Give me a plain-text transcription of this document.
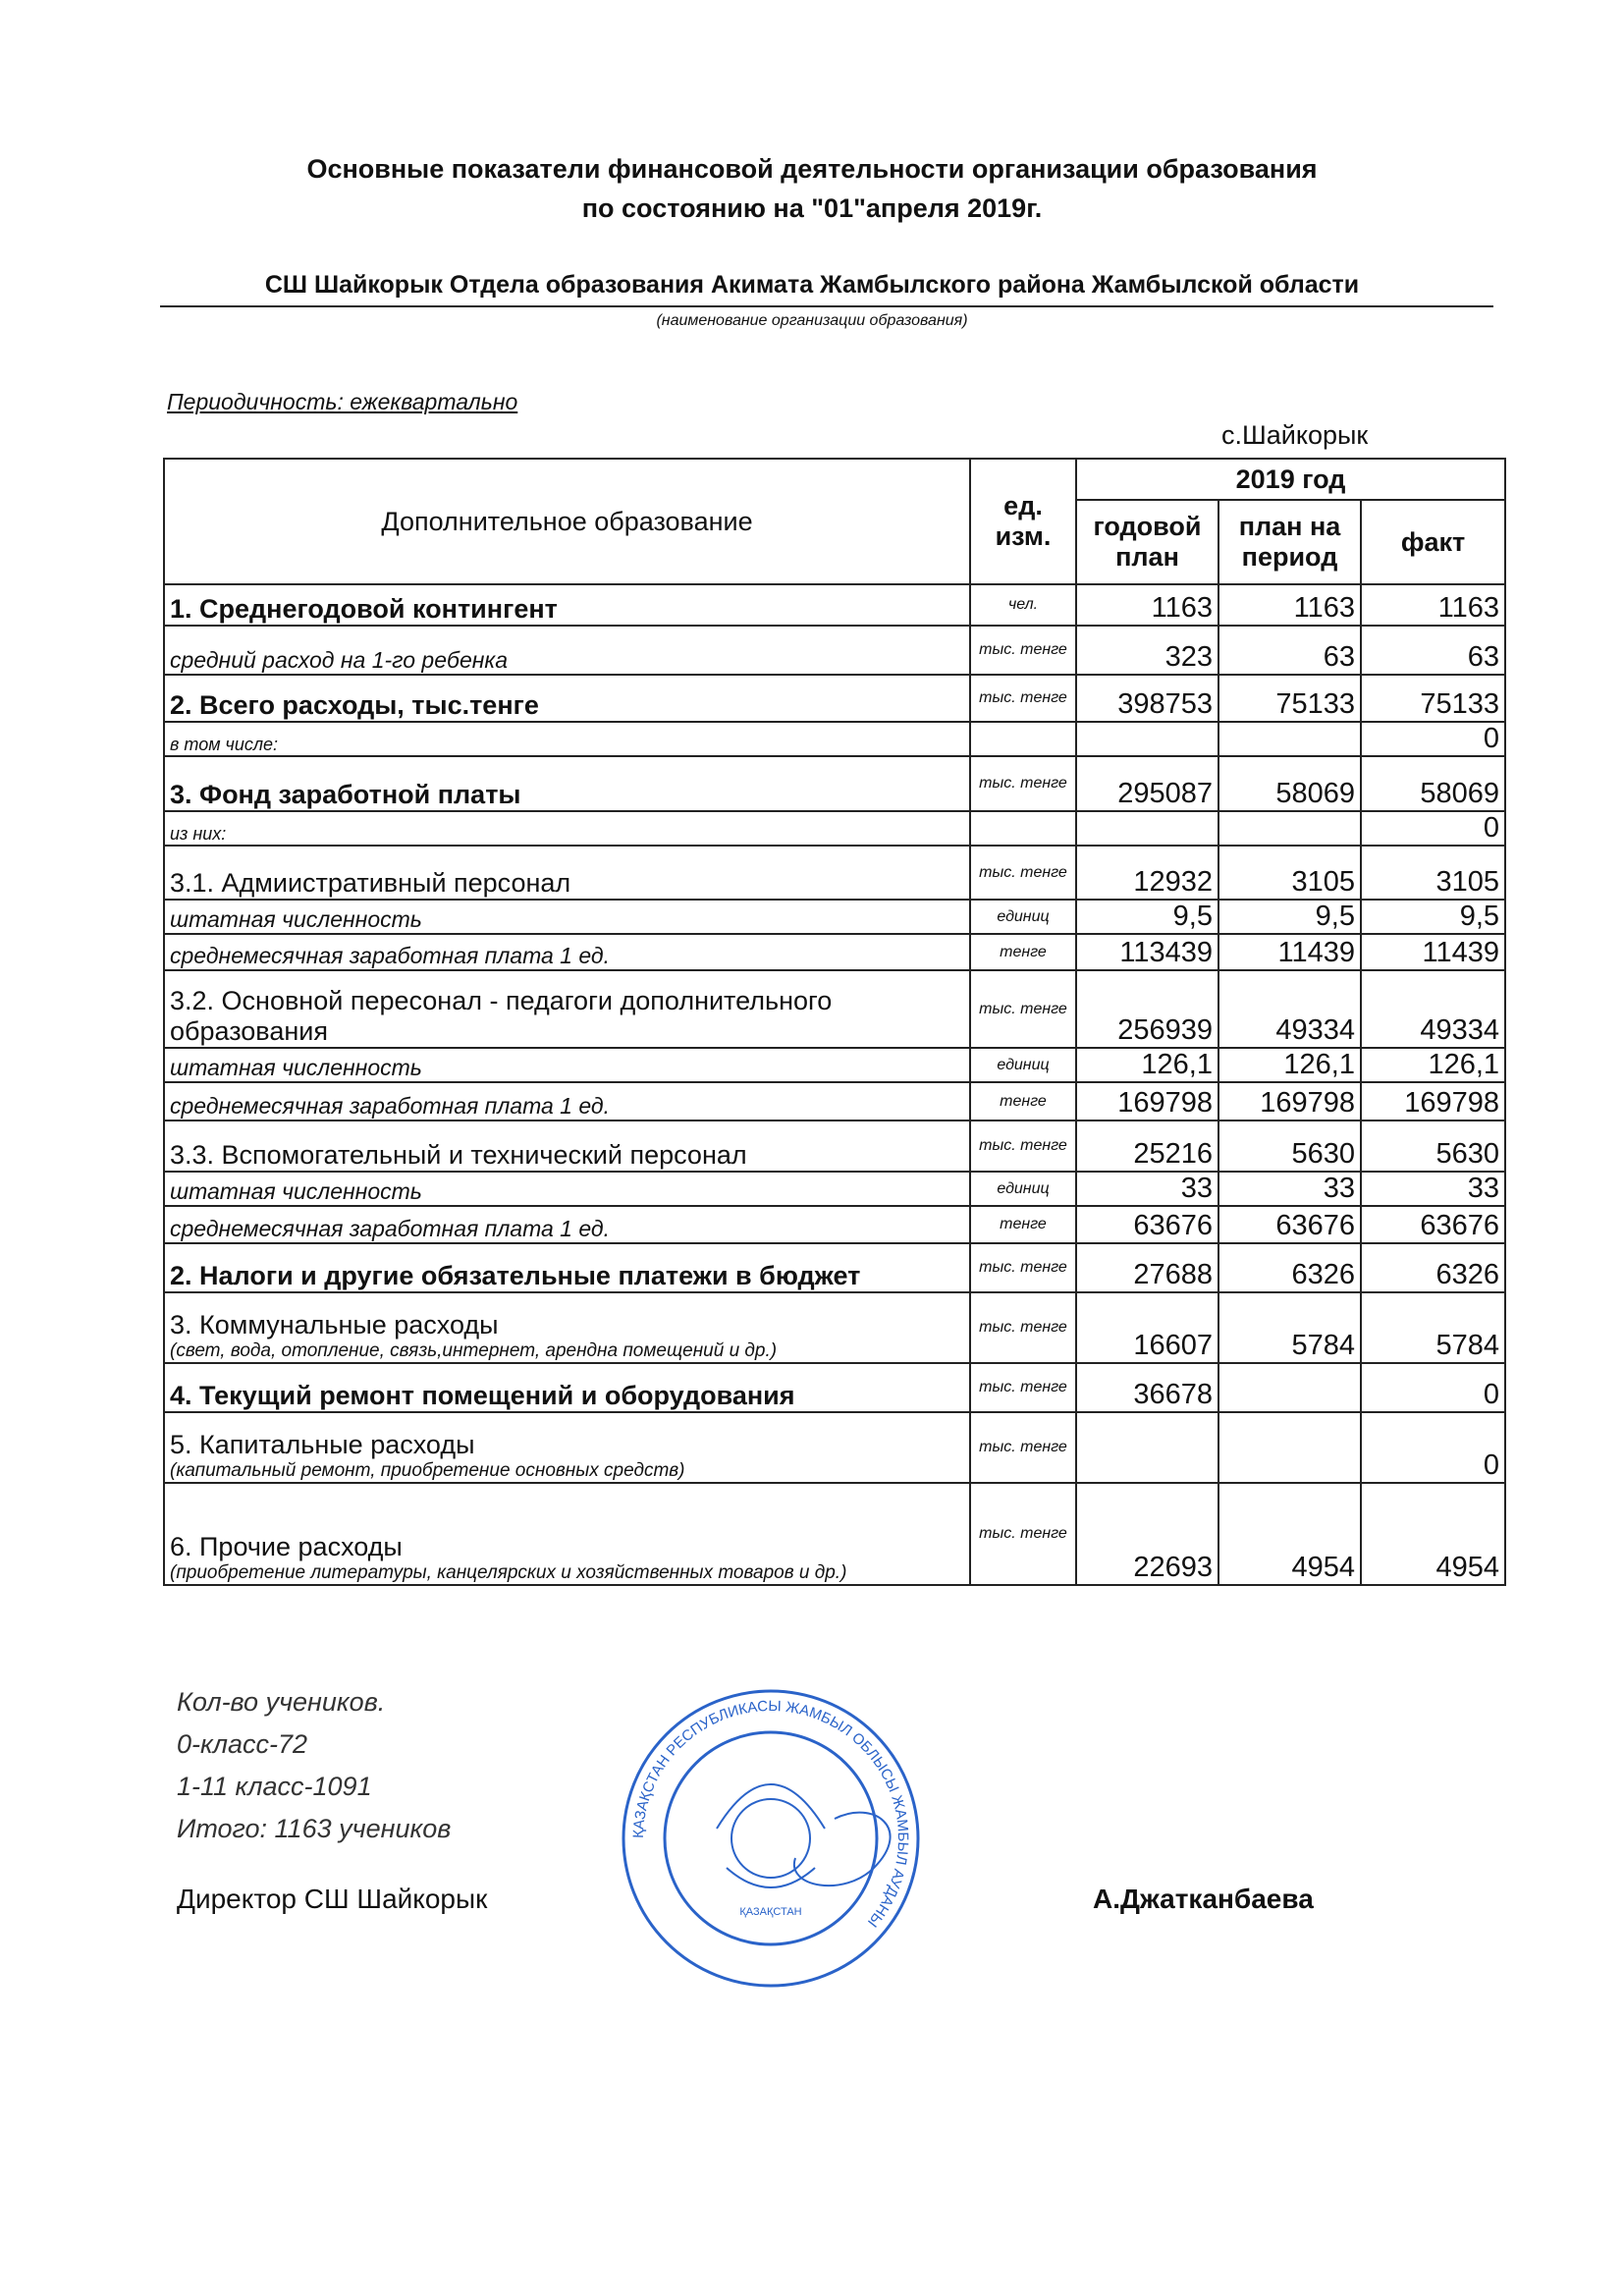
Основные показатели финансовой деятельности организации образования
по состоянию на "01"апреля 2019г.
СШ Шайкорык Отдела образования Акимата Жамбылского района Жамбылской области
(наименование организации образования)
Периодичность: ежеквартально
с.Шайкорык
Дополнительное образование	ед. изм.	2019 год		
		годовой план	план на период	факт
1. Среднегодовой контингент	чел.	1163	1163	1163
средний расход на 1-го ребенка	тыс. тенге	323	63	63
2. Всего расходы, тыс.тенге	тыс. тенге	398753	75133	75133
в том числе:				0
3. Фонд заработной платы	тыс. тенге	295087	58069	58069
из них:				0
3.1. Адмиистративный персонал	тыс. тенге	12932	3105	3105
штатная численность	единиц	9,5	9,5	9,5
среднемесячная заработная плата 1 ед.	тенге	113439	11439	11439
3.2. Основной пересонал - педагоги дополнительного образования	тыс. тенге	256939	49334	49334
штатная численность	единиц	126,1	126,1	126,1
среднемесячная заработная плата 1 ед.	тенге	169798	169798	169798
3.3. Вспомогательный и технический персонал	тыс. тенге	25216	5630	5630
штатная численность	единиц	33	33	33
среднемесячная заработная плата 1 ед.	тенге	63676	63676	63676
2. Налоги и другие обязательные платежи в бюджет	тыс. тенге	27688	6326	6326
3. Коммунальные расходы
(свет, вода, отопление, связь,интернет, арендна помещений и др.)	тыс. тенге	16607	5784	5784
4. Текущий ремонт помещений и оборудования	тыс. тенге	36678		0
5. Капитальные расходы
(капитальный ремонт, приобретение основных средств)	тыс. тенге			0
6. Прочие расходы
(приобретение литературы, канцелярских и хозяйственных товаров и др.)	тыс. тенге	22693	4954	4954
Кол-во учеников.
0-класс-72
1-11 класс-1091
Итого: 1163 учеников	ҚАЗАҚСТАН РЕСПУБЛИКАСЫ ЖАМБЫЛ ОБЛЫСЫ ЖАМБЫЛ АУДАНЫ
ҚАЗАҚСТАН
Директор СШ Шайкорык	А.Джатканбаева
